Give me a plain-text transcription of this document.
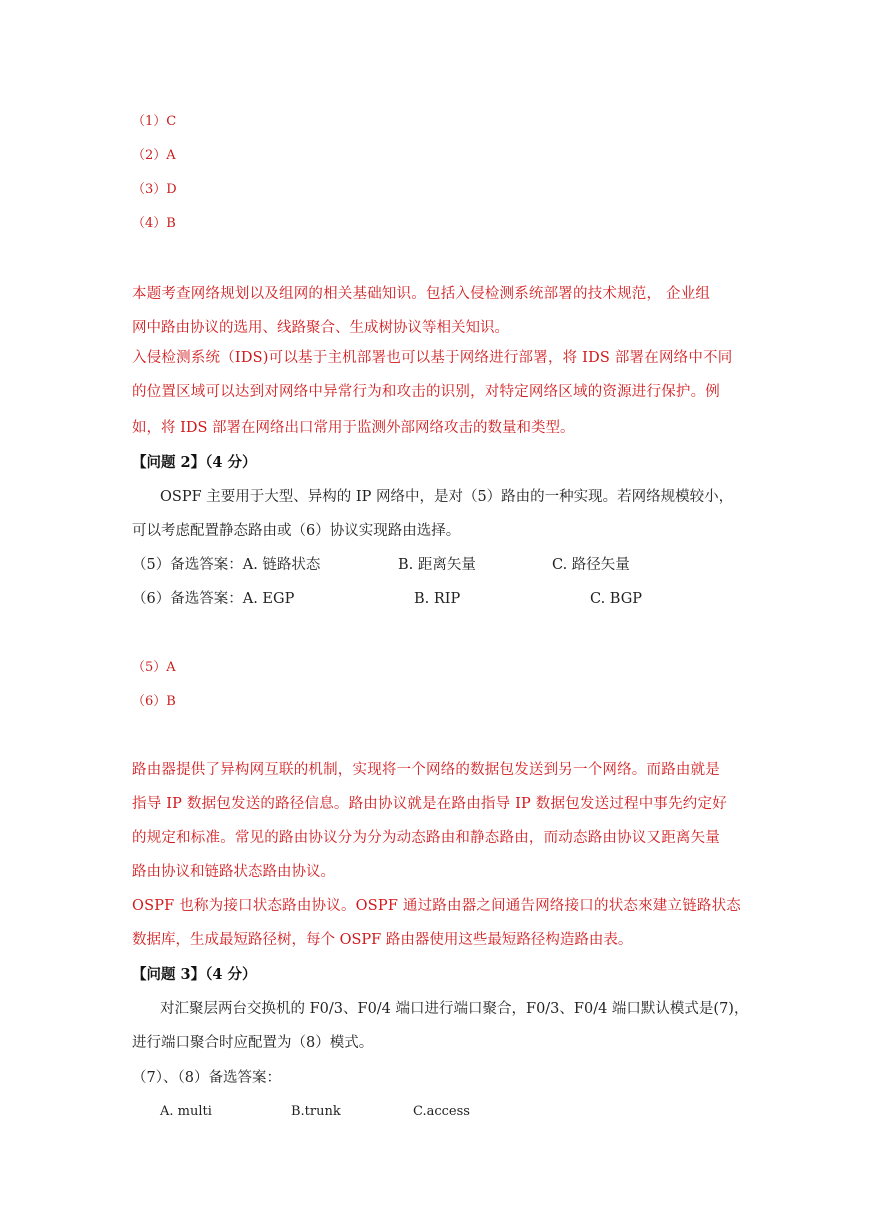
（1）C
（2）A
（3）D
（4）B
本题考查网络规划以及组网的相关基础知识。包括入侵检测系统部署的技术规范， 企业组
网中路由协议的选用、线路聚合、生成树协议等相关知识。
入侵检测系统（IDS)可以基于主机部署也可以基于网络进行部署，将 IDS 部署在网络中不同
的位置区域可以达到对网络中异常行为和攻击的识别，对特定网络区域的资源进行保护。例
如，将 IDS 部署在网络出口常用于监测外部网络攻击的数量和类型。
【问题 2】（4 分）
OSPF 主要用于大型、异构的 IP 网络中，是对（5）路由的一种实现。若网络规模较小，
可以考虑配置静态路由或（6）协议实现路由选择。
（5）备选答案：A. 链路状态	B. 距离矢量	C. 路径矢量
（6）备选答案：A. EGP	B. RIP	C. BGP
（5）A
（6）B
路由器提供了异构网互联的机制，实现将一个网络的数据包发送到另一个网络。而路由就是
指导 IP 数据包发送的路径信息。路由协议就是在路由指导 IP 数据包发送过程中事先约定好
的规定和标准。常见的路由协议分为分为动态路由和静态路由，而动态路由协议又距离矢量
路由协议和链路状态路由协议。
OSPF 也称为接口状态路由协议。OSPF 通过路由器之间通告网络接口的状态來建立链路状态
数据库，生成最短路径树，每个 OSPF 路由器使用这些最短路径构造路由表。
【问题 3】（4 分）
对汇聚层两台交换机的 F0/3、F0/4 端口进行端口聚合，F0/3、F0/4 端口默认模式是(7)，
进行端口聚合时应配置为（8）模式。
（7）、（8）备选答案：
A. multi	B.trunk	C.access
